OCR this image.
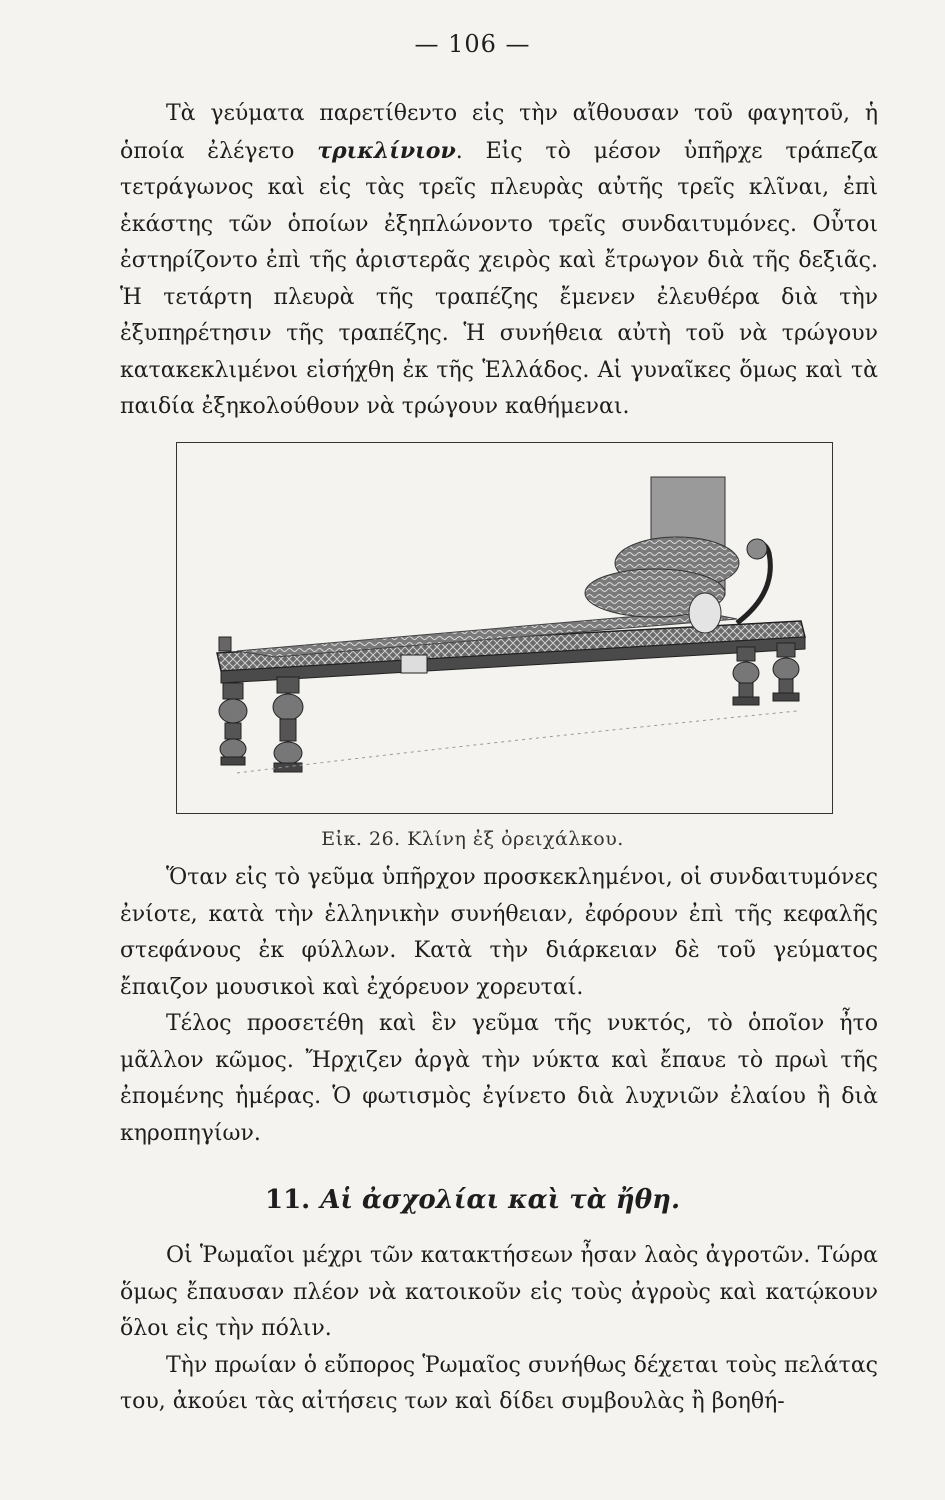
— 106 —

Τὰ γεύματα παρετίθεντο εἰς τὴν αἴθουσαν τοῦ φαγητοῦ, ἡ ὁποία ἐλέγετο τρικλίνιον. Εἰς τὸ μέσον ὑπῆρχε τράπεζα τετράγωνος καὶ εἰς τὰς τρεῖς πλευρὰς αὐτῆς τρεῖς κλῖναι, ἐπὶ ἑκάστης τῶν ὁποίων ἐξηπλώνοντο τρεῖς συνδαιτυμόνες. Οὗτοι ἐστηρίζοντο ἐπὶ τῆς ἀριστερᾶς χειρὸς καὶ ἔτρωγον διὰ τῆς δεξιᾶς. Ἡ τετάρτη πλευρὰ τῆς τραπέζης ἔμενεν ἐλευθέρα διὰ τὴν ἐξυπηρέτησιν τῆς τραπέζης. Ἡ συνήθεια αὐτὴ τοῦ νὰ τρώγουν κατακεκλιμένοι εἰσήχθη ἐκ τῆς Ἑλλάδος. Αἱ γυναῖκες ὅμως καὶ τὰ παιδία ἐξηκολούθουν νὰ τρώγουν καθήμεναι.

Εἰκ. 26. Κλίνη ἐξ ὀρειχάλκου.

Ὅταν εἰς τὸ γεῦμα ὑπῆρχον προσκεκλημένοι, οἱ συνδαιτυμόνες ἐνίοτε, κατὰ τὴν ἑλληνικὴν συνήθειαν, ἐφόρουν ἐπὶ τῆς κεφαλῆς στεφάνους ἐκ φύλλων. Κατὰ τὴν διάρκειαν δὲ τοῦ γεύματος ἔπαιζον μουσικοὶ καὶ ἐχόρευον χορευταί.

Τέλος προσετέθη καὶ ἓν γεῦμα τῆς νυκτός, τὸ ὁποῖον ἦτο μᾶλλον κῶμος. Ἤρχιζεν ἀργὰ τὴν νύκτα καὶ ἔπαυε τὸ πρωὶ τῆς ἐπομένης ἡμέρας. Ὁ φωτισμὸς ἐγίνετο διὰ λυχνιῶν ἐλαίου ἢ διὰ κηροπηγίων.

11. Αἱ ἀσχολίαι καὶ τὰ ἤθη.

Οἱ Ῥωμαῖοι μέχρι τῶν κατακτήσεων ἦσαν λαὸς ἀγροτῶν. Τώρα ὅμως ἔπαυσαν πλέον νὰ κατοικοῦν εἰς τοὺς ἀγροὺς καὶ κατῴκουν ὅλοι εἰς τὴν πόλιν.

Τὴν πρωίαν ὁ εὔπορος Ῥωμαῖος συνήθως δέχεται τοὺς πελάτας του, ἀκούει τὰς αἰτήσεις των καὶ δίδει συμβουλὰς ἢ βοηθή-
